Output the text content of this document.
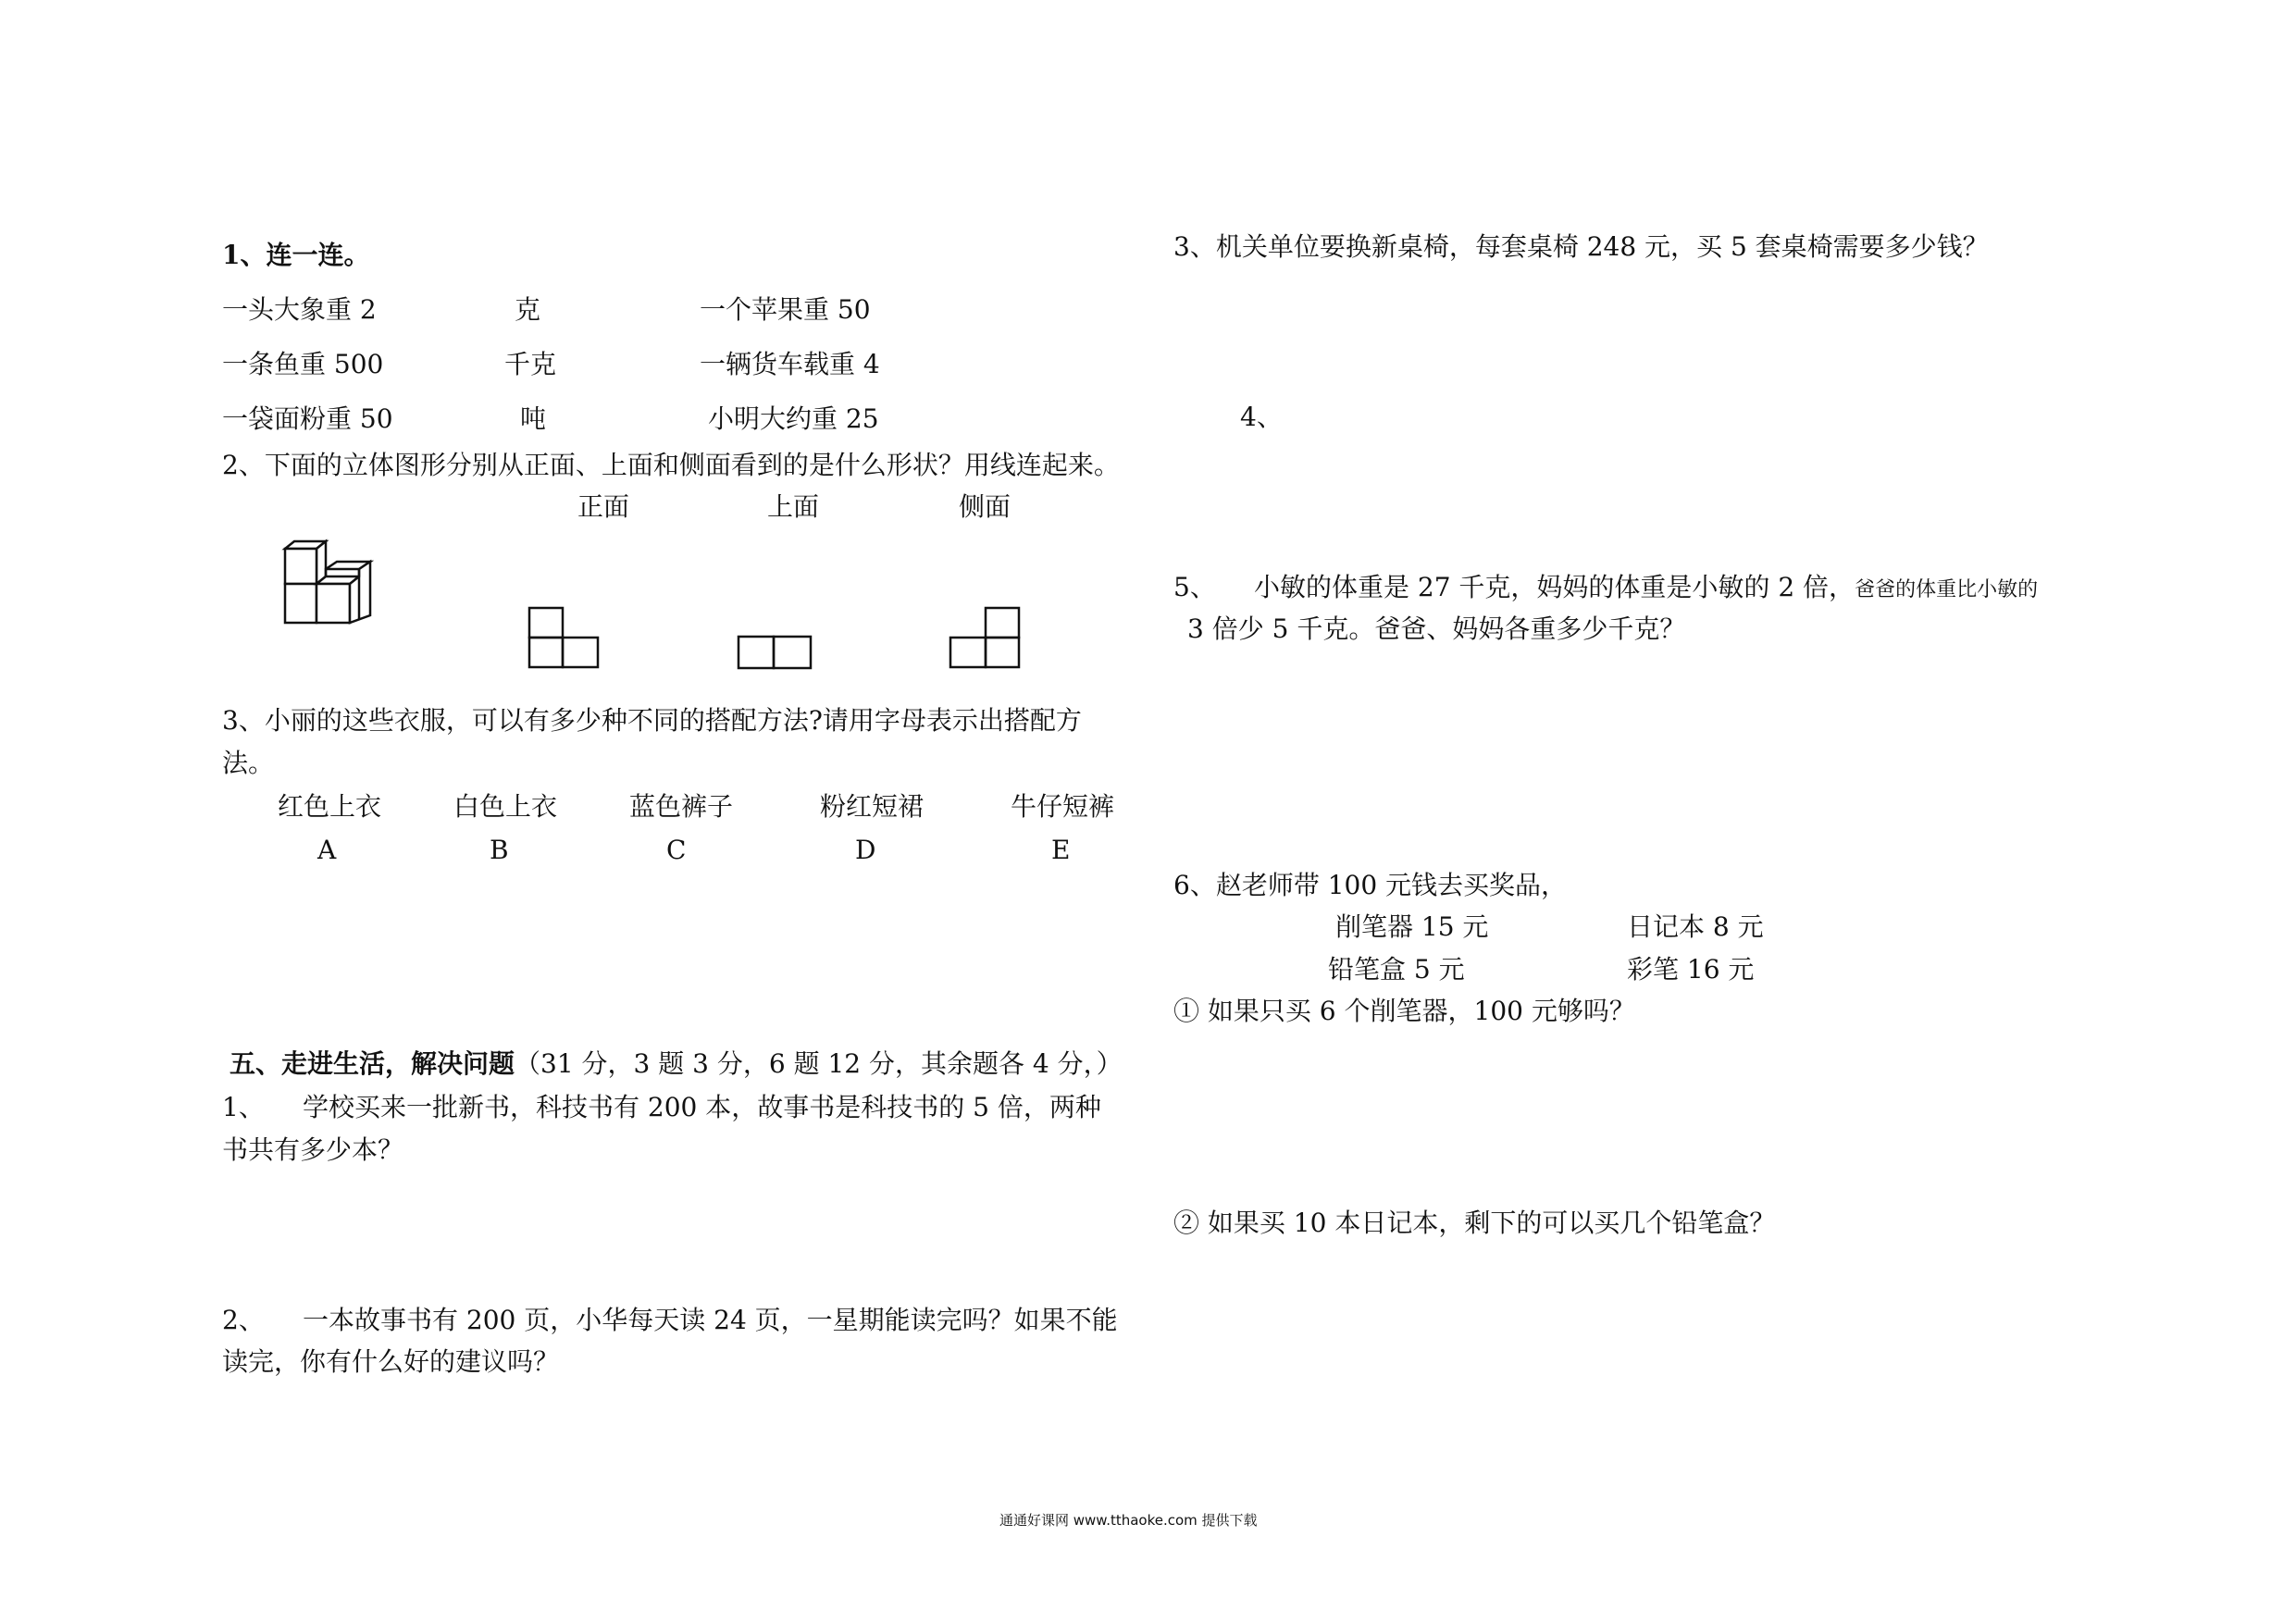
1、连一连。
一头大象重 2	克	一个苹果重 50
一条鱼重 500	千克	一辆货车载重 4
一袋面粉重 50	吨	小明大约重 25
2、下面的立体图形分别从正面、上面和侧面看到的是什么形状？用线连起来。
正面	上面	侧面
3、小丽的这些衣服，可以有多少种不同的搭配方法?请用字母表示出搭配方
法。
红色上衣	白色上衣	蓝色裤子	粉红短裙	牛仔短裤
A	B	C	D	E
五、走进生活，解决问题（31 分，3 题 3 分，6 题 12 分，其余题各 4 分，）
1、 学校买来一批新书，科技书有 200 本，故事书是科技书的 5 倍，两种
书共有多少本？
2、 一本故事书有 200 页，小华每天读 24 页，一星期能读完吗？如果不能
读完，你有什么好的建议吗？
3、机关单位要换新桌椅，每套桌椅 248 元，买 5 套桌椅需要多少钱？
4、
5、 小敏的体重是 27 千克，妈妈的体重是小敏的 2 倍，爸爸的体重比小敏的
3 倍少 5 千克。爸爸、妈妈各重多少千克？
6、赵老师带 100 元钱去买奖品，
削笔器 15 元	日记本 8 元
铅笔盒 5 元	彩笔 16 元
① 如果只买 6 个削笔器，100 元够吗？
② 如果买 10 本日记本，剩下的可以买几个铅笔盒？
通通好课网 www.tthaoke.com 提供下载
